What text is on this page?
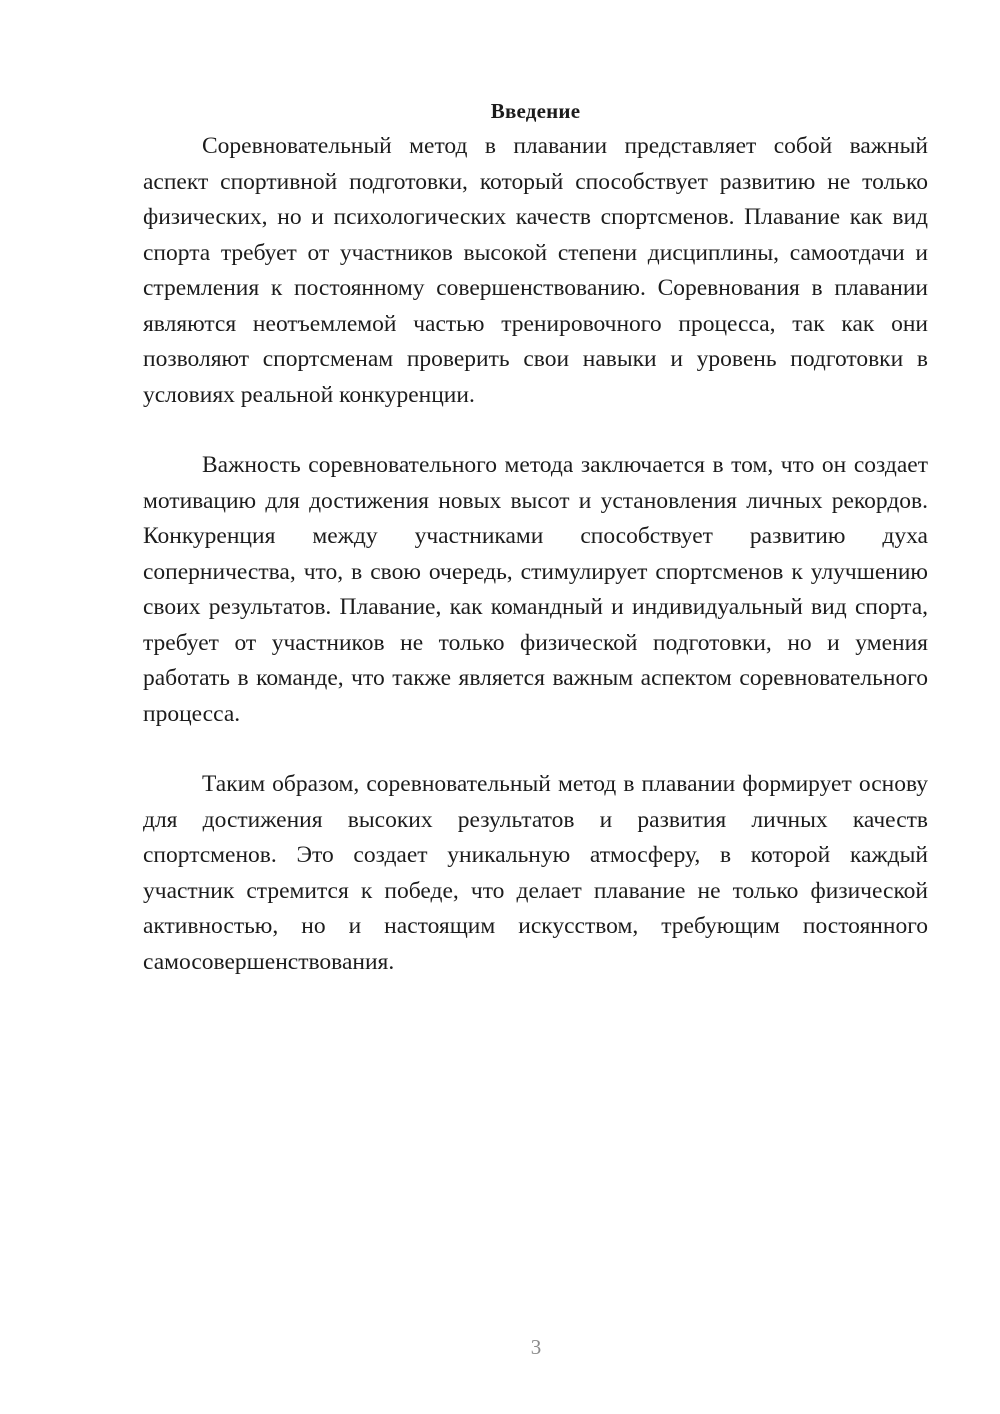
Введение

Соревновательный метод в плавании представляет собой важный аспект спортивной подготовки, который способствует развитию не только физических, но и психологических качеств спортсменов. Плавание как вид спорта требует от участников высокой степени дисциплины, самоотдачи и стремления к постоянному совершенствованию. Соревнования в плавании являются неотъемлемой частью тренировочного процесса, так как они позволяют спортсменам проверить свои навыки и уровень подготовки в условиях реальной конкуренции.

Важность соревновательного метода заключается в том, что он создает мотивацию для достижения новых высот и установления личных рекордов. Конкуренция между участниками способствует развитию духа соперничества, что, в свою очередь, стимулирует спортсменов к улучшению своих результатов. Плавание, как командный и индивидуальный вид спорта, требует от участников не только физической подготовки, но и умения работать в команде, что также является важным аспектом соревновательного процесса.

Таким образом, соревновательный метод в плавании формирует основу для достижения высоких результатов и развития личных качеств спортсменов. Это создает уникальную атмосферу, в которой каждый участник стремится к победе, что делает плавание не только физической активностью, но и настоящим искусством, требующим постоянного самосовершенствования.

3
